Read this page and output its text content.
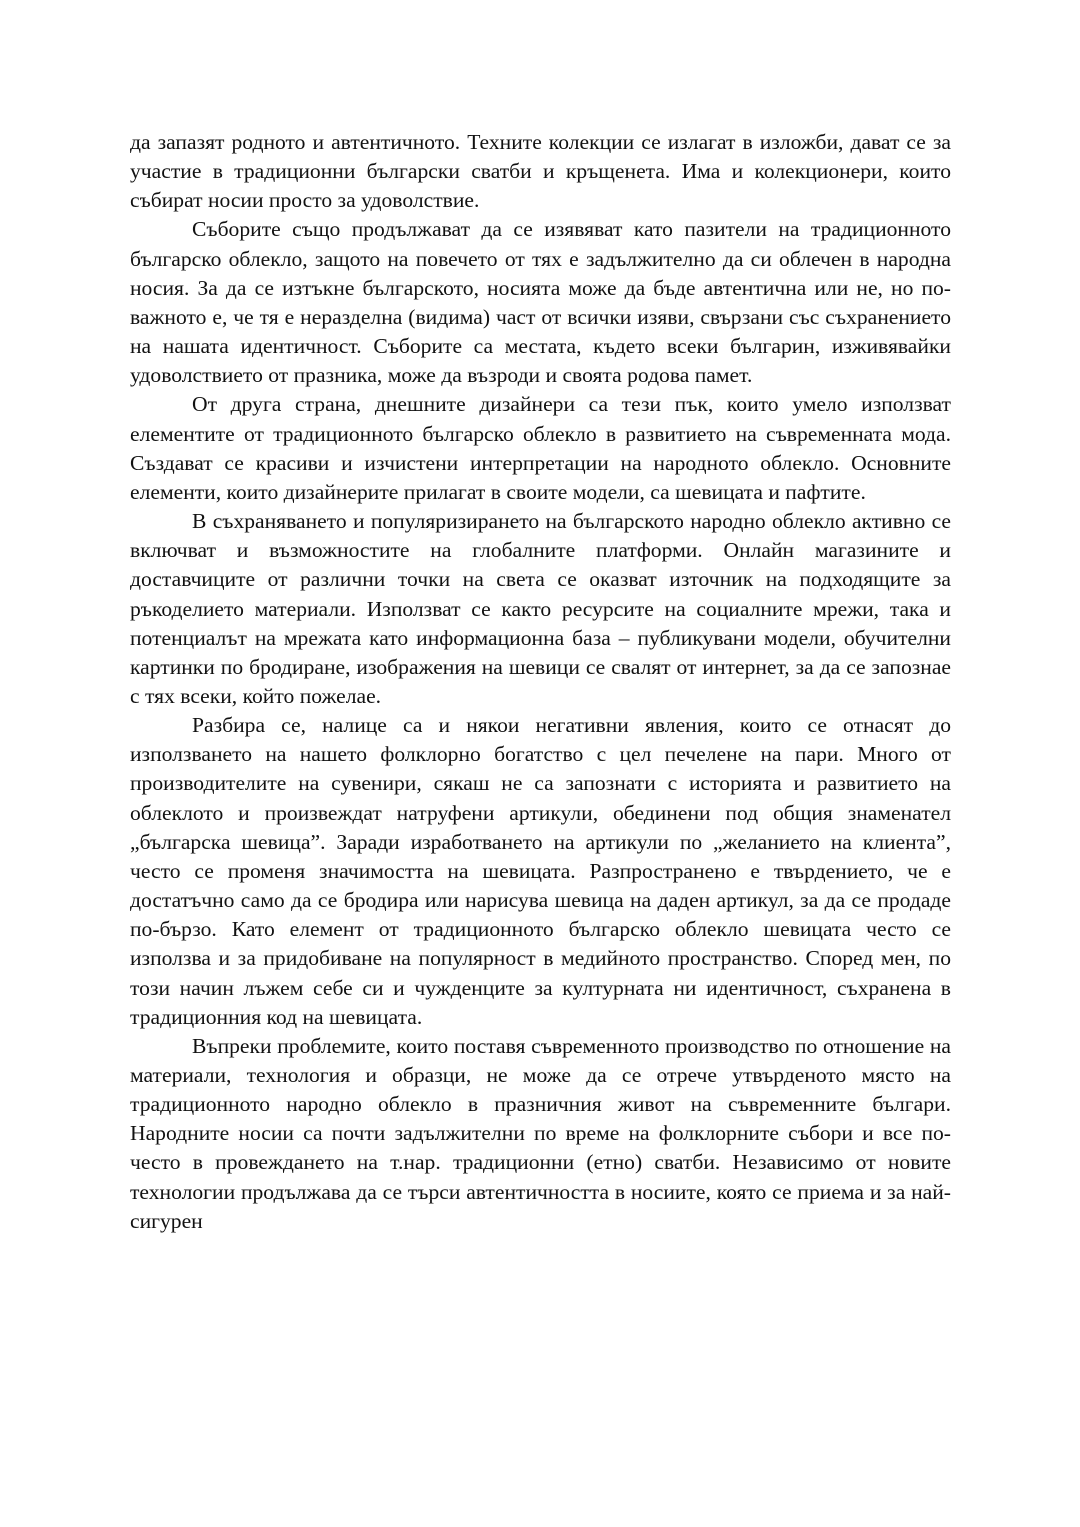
да запазят родното и автентичното. Техните колекции се излагат в изложби, дават се за участие в традиционни български сватби и кръщенета. Има и колекционери, които събират носии просто за удоволствие.

Съборите също продължават да се изявяват като пазители на традиционното българско облекло, защото на повечето от тях е задължително да си облечен в народна носия. За да се изтъкне българското, носията може да бъде автентична или не, но по-важното е, че тя е неразделна (видима) част от всички изяви, свързани със съхранението на нашата идентичност. Съборите са местата, където всеки българин, изживявайки удоволствието от празника, може да възроди и своята родова памет.

От друга страна, днешните дизайнери са тези пък, които умело използват елементите от традиционното българско облекло в развитието на съвременната мода. Създават се красиви и изчистени интерпретации на народното облекло. Основните елементи, които дизайнерите прилагат в своите модели, са шевицата и пафтите.

В съхраняването и популяризирането на българското народно облекло активно се включват и възможностите на глобалните платформи. Онлайн магазините и доставчиците от различни точки на света се оказват източник на подходящите за ръкоделието материали. Използват се както ресурсите на социалните мрежи, така и потенциалът на мрежата като информационна база – публикувани модели, обучителни картинки по бродиране, изображения на шевици се свалят от интернет, за да се запознае с тях всеки, който пожелае.

Разбира се, налице са и някои негативни явления, които се отнасят до използването на нашето фолклорно богатство с цел печелене на пари. Много от производителите на сувенири, сякаш не са запознати с историята и развитието на облеклото и произвеждат натруфени артикули, обединени под общия знаменател „българска шевица”. Заради изработването на артикули по „желанието на клиента”, често се променя значимостта на шевицата. Разпространено е твърдението, че е достатъчно само да се бродира или нарисува шевица на даден артикул, за да се продаде по-бързо. Като елемент от традиционното българско облекло шевицата често се използва и за придобиване на популярност в медийното пространство. Според мен, по този начин лъжем себе си и чужденците за културната ни идентичност, съхранена в традиционния код на шевицата.

Въпреки проблемите, които поставя съвременното производство по отношение на материали, технология и образци, не може да се отрече утвърденото място на традиционното народно облекло в празничния живот на съвременните българи. Народните носии са почти задължителни по време на фолклорните събори и все по-често в провеждането на т.нар. традиционни (етно) сватби. Независимо от новите технологии продължава да се търси автентичността в носиите, която се приема и за най-сигурен
